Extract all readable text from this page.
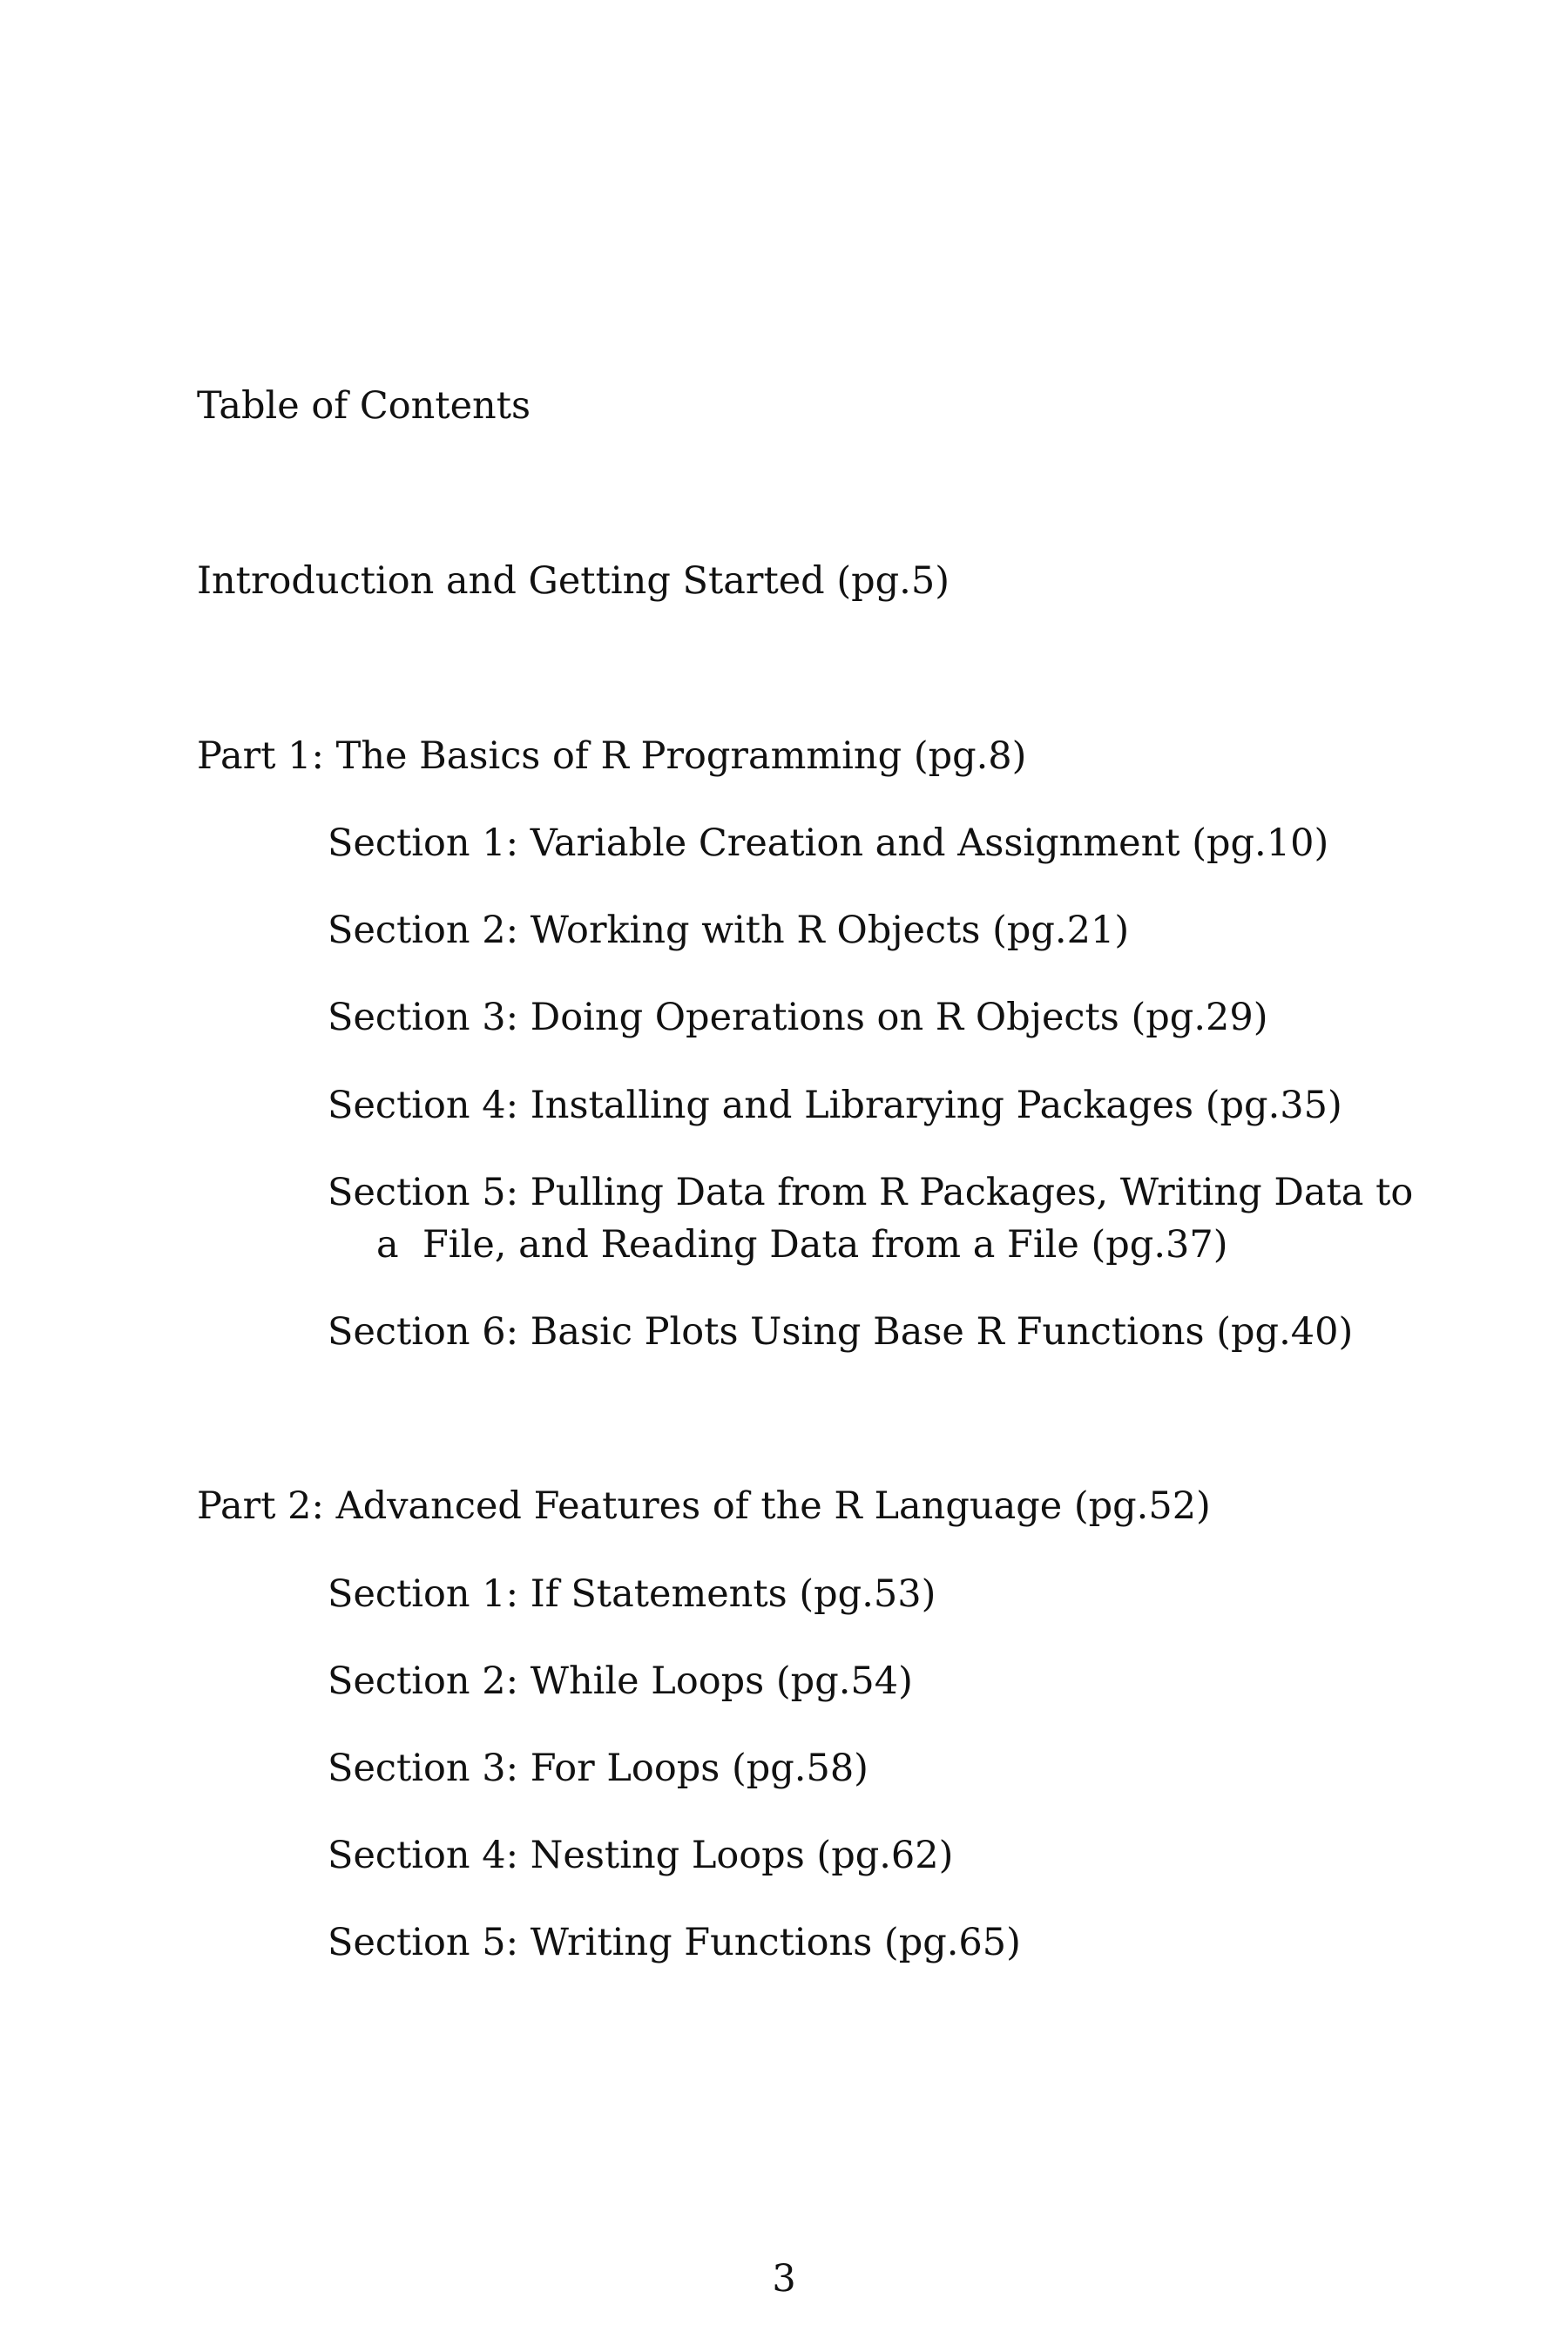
Table of Contents

Introduction and Getting Started (pg.5)

Part 1: The Basics of R Programming (pg.8)

Section 1: Variable Creation and Assignment (pg.10)

Section 2: Working with R Objects (pg.21)

Section 3: Doing Operations on R Objects (pg.29)

Section 4: Installing and Librarying Packages (pg.35)

Section 5: Pulling Data from R Packages, Writing Data to

a  File, and Reading Data from a File (pg.37)

Section 6: Basic Plots Using Base R Functions (pg.40)

Part 2: Advanced Features of the R Language (pg.52)

Section 1: If Statements (pg.53)

Section 2: While Loops (pg.54)

Section 3: For Loops (pg.58)

Section 4: Nesting Loops (pg.62)

Section 5: Writing Functions (pg.65)

3
